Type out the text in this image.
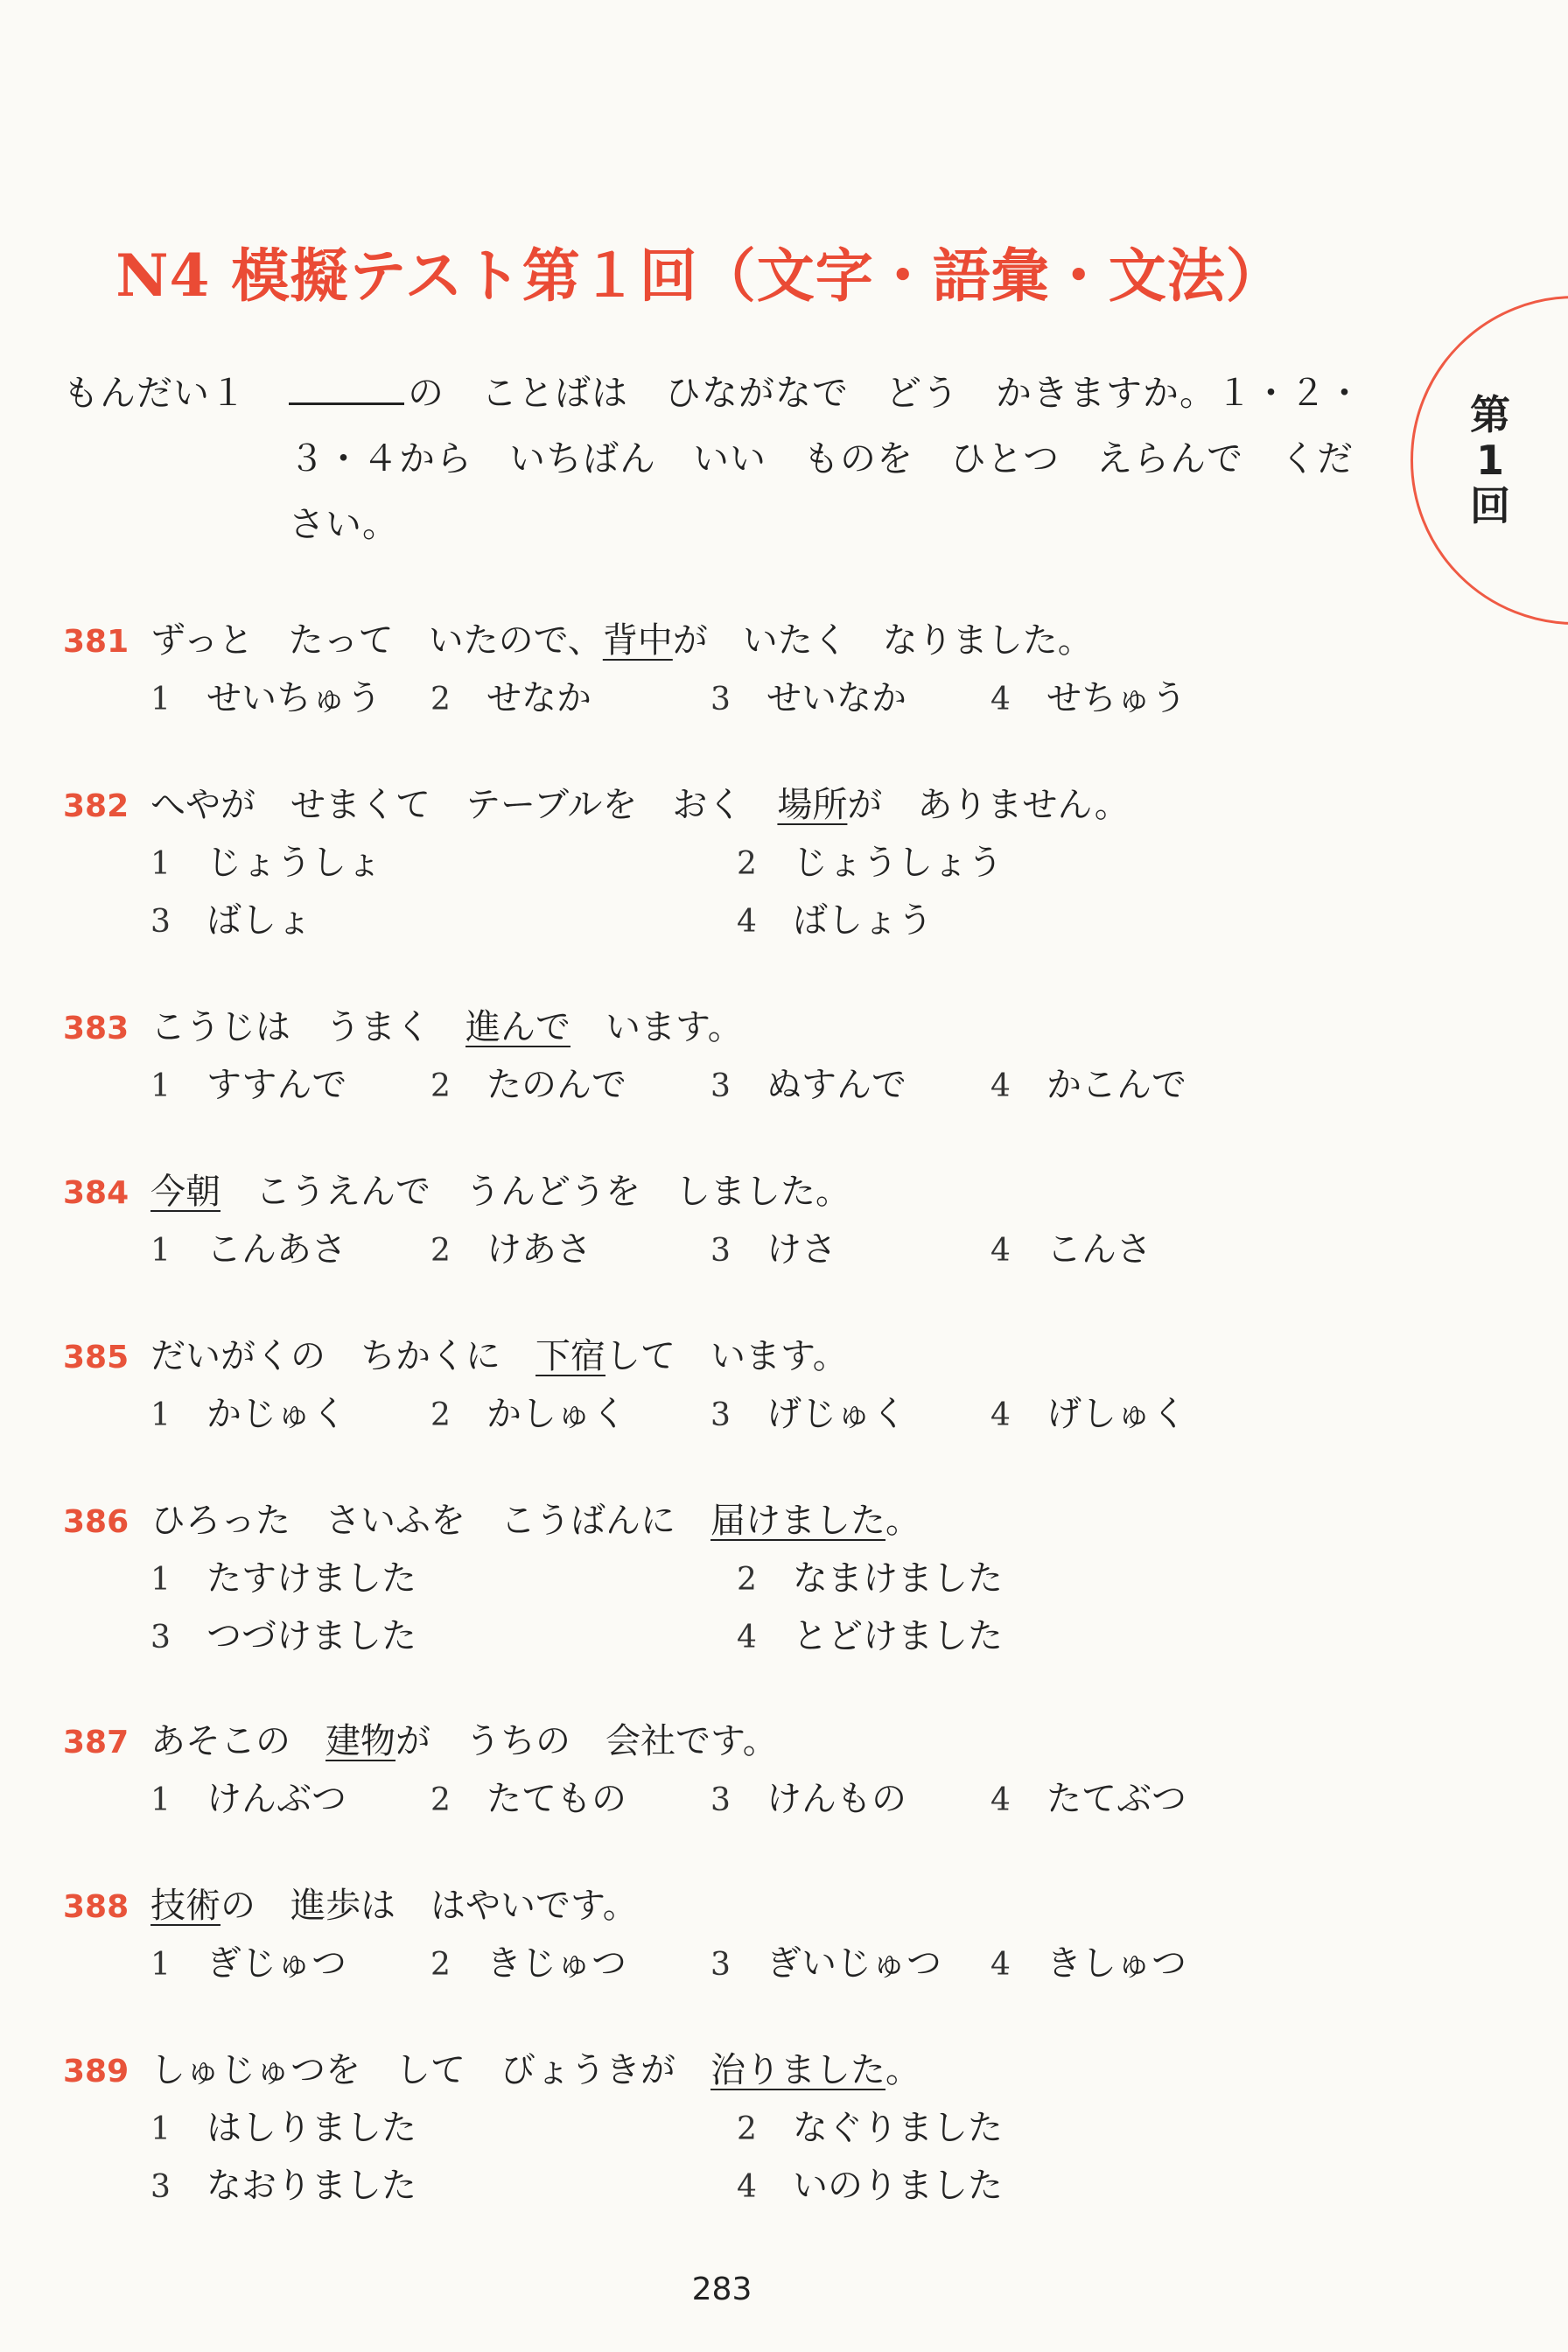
N4 模擬テスト第１回（文字・語彙・文法）
第1回
もんだい１	の　ことばは　ひながなで　どう　かきますか。１・２・３・４から　いちばん　いい　ものを　ひとつ　えらんで　ください。
381 ずっと　たって　いたので、 背中 が　いたく　なりました。
1	せいちゅう 2	せなか	3	せいなか	4	せちゅう
382 へやが　せまくて　テーブルを　おく　 場所 が　ありません。
1	じょうしょ	2	じょうしょう
3	ばしょ	4	ばしょう
383 こうじは　うまく　 進んで 　います。
1	すすんで	2	たのんで	3	ぬすんで	4	かこんで
384 今朝 　こうえんで　うんどうを　しました。
1	こんあさ	2	けあさ	3	けさ	4	こんさ
385 だいがくの　ちかくに　 下宿 して　います。
1	かじゅく	2	かしゅく	3	げじゅく	4	げしゅく
386 ひろった　さいふを　こうばんに　 届けました 。
1	たすけました	2	なまけました
3	つづけました	4	とどけました
387 あそこの　 建物 が　うちの　会社です。
1	けんぶつ	2	たてもの	3	けんもの	4	たてぶつ
388 技術 の　進歩は　はやいです。
1	ぎじゅつ	2	きじゅつ	3	ぎいじゅつ 4	きしゅつ
389 しゅじゅつを　して　びょうきが　 治りました 。
1	はしりました	2	なぐりました
3	なおりました	4	いのりました
283
